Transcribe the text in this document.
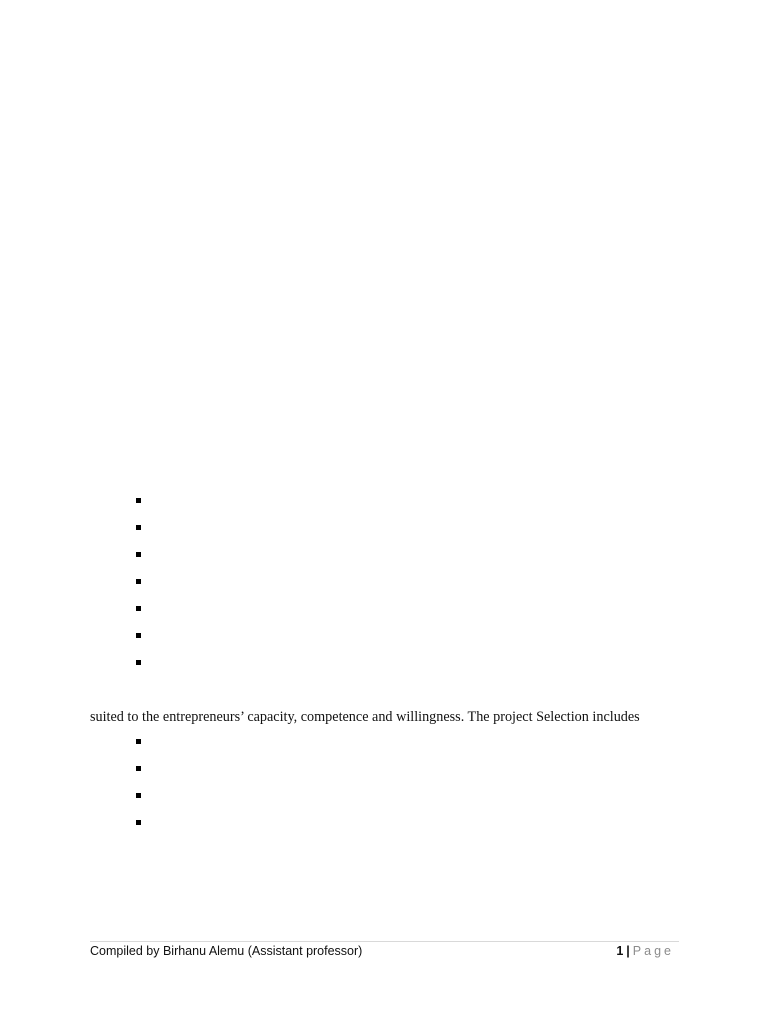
suited to the entrepreneurs’ capacity, competence and willingness. The project Selection includes
Compiled by Birhanu Alemu (Assistant professor)	1 | Page
